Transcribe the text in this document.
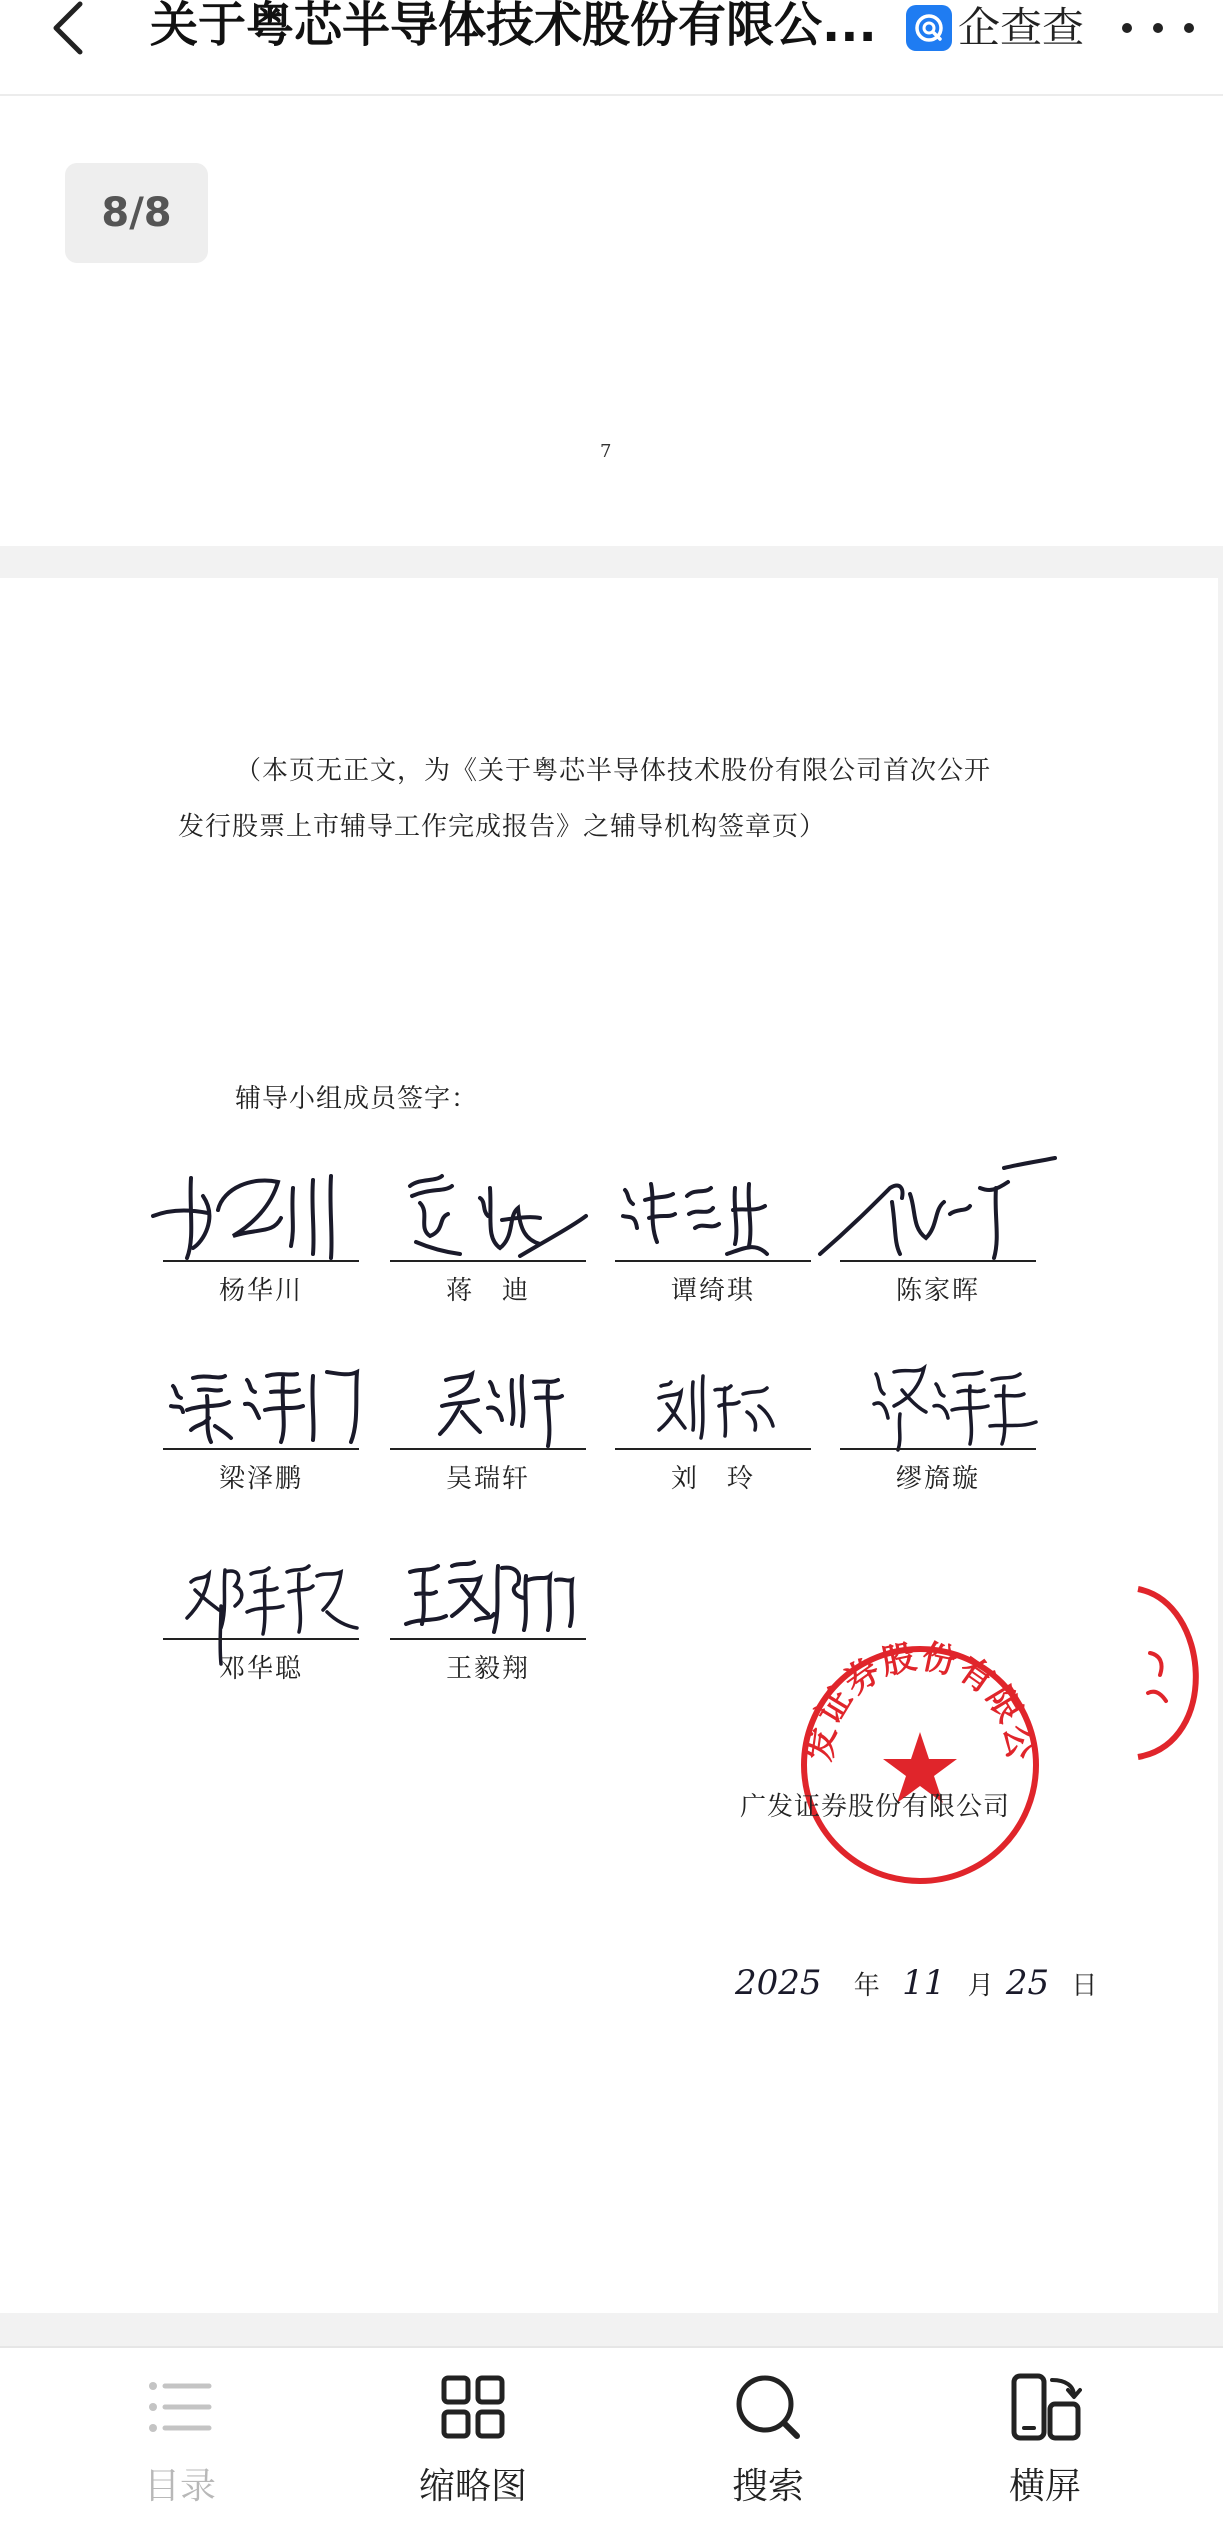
关于粤芯半导体技术股份有限公... 企查查
8/8
7
（本页无正文，为《关于粤芯半导体技术股份有限公司首次公开
发行股票上市辅导工作完成报告》之辅导机构签章页）
辅导小组成员签字：
杨华川	蒋　迪	谭绮琪	陈家晖
梁泽鹏	吴瑞轩	刘　玲	缪旖璇
邓华聪	王毅翔
发证券股份有限公
广发证券股份有限公司
2025 年 11 月 25 日
目录	缩略图	搜索	横屏
